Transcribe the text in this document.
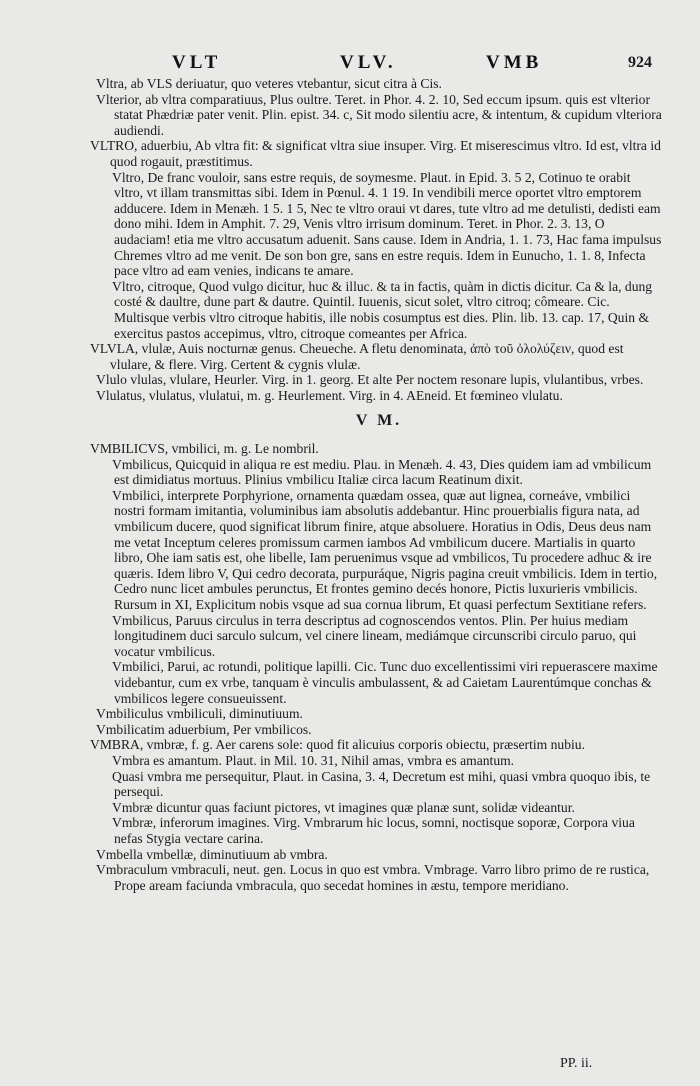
VLT	VLV.	VMB	924

Vltra, ab VLS deriuatur, quo veteres vtebantur, sicut citra à Cis.

Vlterior, ab vltra comparatiuus, Plus oultre. Teret. in Phor. 4. 2. 10, Sed eccum ipsum. quis est vlterior statat Phædriæ pater venit. Plin. epist. 34. c, Sit modo silentiu acre, & intentum, & cupidum vlteriora audiendi.

VLTRO, aduerbiu, Ab vltra fit: & significat vltra siue insuper. Virg. Et miserescimus vltro. Id est, vltra id quod rogauit, præstitimus.

Vltro, De franc vouloir, sans estre requis, de soymesme. Plaut. in Epid. 3. 5 2, Cotinuo te orabit vltro, vt illam transmittas sibi. Idem in Pœnul. 4. 1 19. In vendibili merce oportet vltro emptorem adducere. Idem in Menæh. 1 5. 1 5, Nec te vltro oraui vt dares, tute vltro ad me detulisti, dedisti eam dono mihi. Idem in Amphit. 7. 29, Venis vltro irrisum dominum. Teret. in Phor. 2. 3. 13, O audaciam! etia me vltro accusatum aduenit. Sans cause. Idem in Andria, 1. 1. 73, Hac fama impulsus Chremes vltro ad me venit. De son bon gre, sans en estre requis. Idem in Eunucho, 1. 1. 8, Infecta pace vltro ad eam venies, indicans te amare.

Vltro, citroque, Quod vulgo dicitur, huc & illuc. & ta in factis, quàm in dictis dicitur. Ca & la, dung costé & daultre, dune part & dautre. Quintil. Iuuenis, sicut solet, vltro citroq; cômeare. Cic. Multisque verbis vltro citroque habitis, ille nobis cosumptus est dies. Plin. lib. 13. cap. 17, Quin & exercitus pastos accepimus, vltro, citroque comeantes per Africa.

VLVLA, vlulæ, Auis nocturnæ genus. Cheueche. A fletu denominata, ἀπὸ τοῦ ὀλολύζειν, quod est vlulare, & flere. Virg. Certent & cygnis vlulæ.

Vlulo vlulas, vlulare, Heurler. Virg. in 1. georg. Et alte Per noctem resonare lupis, vlulantibus, vrbes.

Vlulatus, vlulatus, vlulatui, m. g. Heurlement. Virg. in 4. AEneid. Et fœmineo vlulatu.

V M.

VMBILICVS, vmbilici, m. g. Le nombril.

Vmbilicus, Quicquid in aliqua re est mediu. Plau. in Menæh. 4. 43, Dies quidem iam ad vmbilicum est dimidiatus mortuus. Plinius vmbilicu Italiæ circa lacum Reatinum dixit.

Vmbilici, interprete Porphyrione, ornamenta quædam ossea, quæ aut lignea, corneáve, vmbilici nostri formam imitantia, voluminibus iam absolutis addebantur. Hinc prouerbialis figura nata, ad vmbilicum ducere, quod significat librum finire, atque absoluere. Horatius in Odis, Deus deus nam me vetat Inceptum celeres promissum carmen iambos Ad vmbilicum ducere. Martialis in quarto libro, Ohe iam satis est, ohe libelle, Iam peruenimus vsque ad vmbilicos, Tu procedere adhuc & ire quæris. Idem libro V, Qui cedro decorata, purpuráque, Nigris pagina creuit vmbilicis. Idem in tertio, Cedro nunc licet ambules perunctus, Et frontes gemino decés honore, Pictis luxurieris vmbilicis. Rursum in XI, Explicitum nobis vsque ad sua cornua librum, Et quasi perfectum Sextitiane refers.

Vmbilicus, Paruus circulus in terra descriptus ad cognoscendos ventos. Plin. Per huius mediam longitudinem duci sarculo sulcum, vel cinere lineam, mediámque circunscribi circulo paruo, qui vocatur vmbilicus.

Vmbilici, Parui, ac rotundi, politique lapilli. Cic. Tunc duo excellentissimi viri repuerascere maxime videbantur, cum ex vrbe, tanquam è vinculis ambulassent, & ad Caietam Laurentúmque conchas & vmbilicos legere consueuissent.

Vmbiliculus vmbiliculi, diminutiuum.

Vmbilicatim aduerbium, Per vmbilicos.

VMBRA, vmbræ, f. g. Aer carens sole: quod fit alicuius corporis obiectu, præsertim nubiu.

Vmbra es amantum. Plaut. in Mil. 10. 31, Nihil amas, vmbra es amantum.

Quasi vmbra me persequitur, Plaut. in Casina, 3. 4, Decretum est mihi, quasi vmbra quoquo ibis, te persequi.

Vmbræ dicuntur quas faciunt pictores, vt imagines quæ planæ sunt, solidæ videantur.

Vmbræ, inferorum imagines. Virg. Vmbrarum hic locus, somni, noctisque soporæ, Corpora viua nefas Stygia vectare carina.

Vmbella vmbellæ, diminutiuum ab vmbra.

Vmbraculum vmbraculi, neut. gen. Locus in quo est vmbra. Vmbrage. Varro libro primo de re rustica, Prope aream faciunda vmbracula, quo secedat homines in æstu, tempore meridiano.

PP. ii.
